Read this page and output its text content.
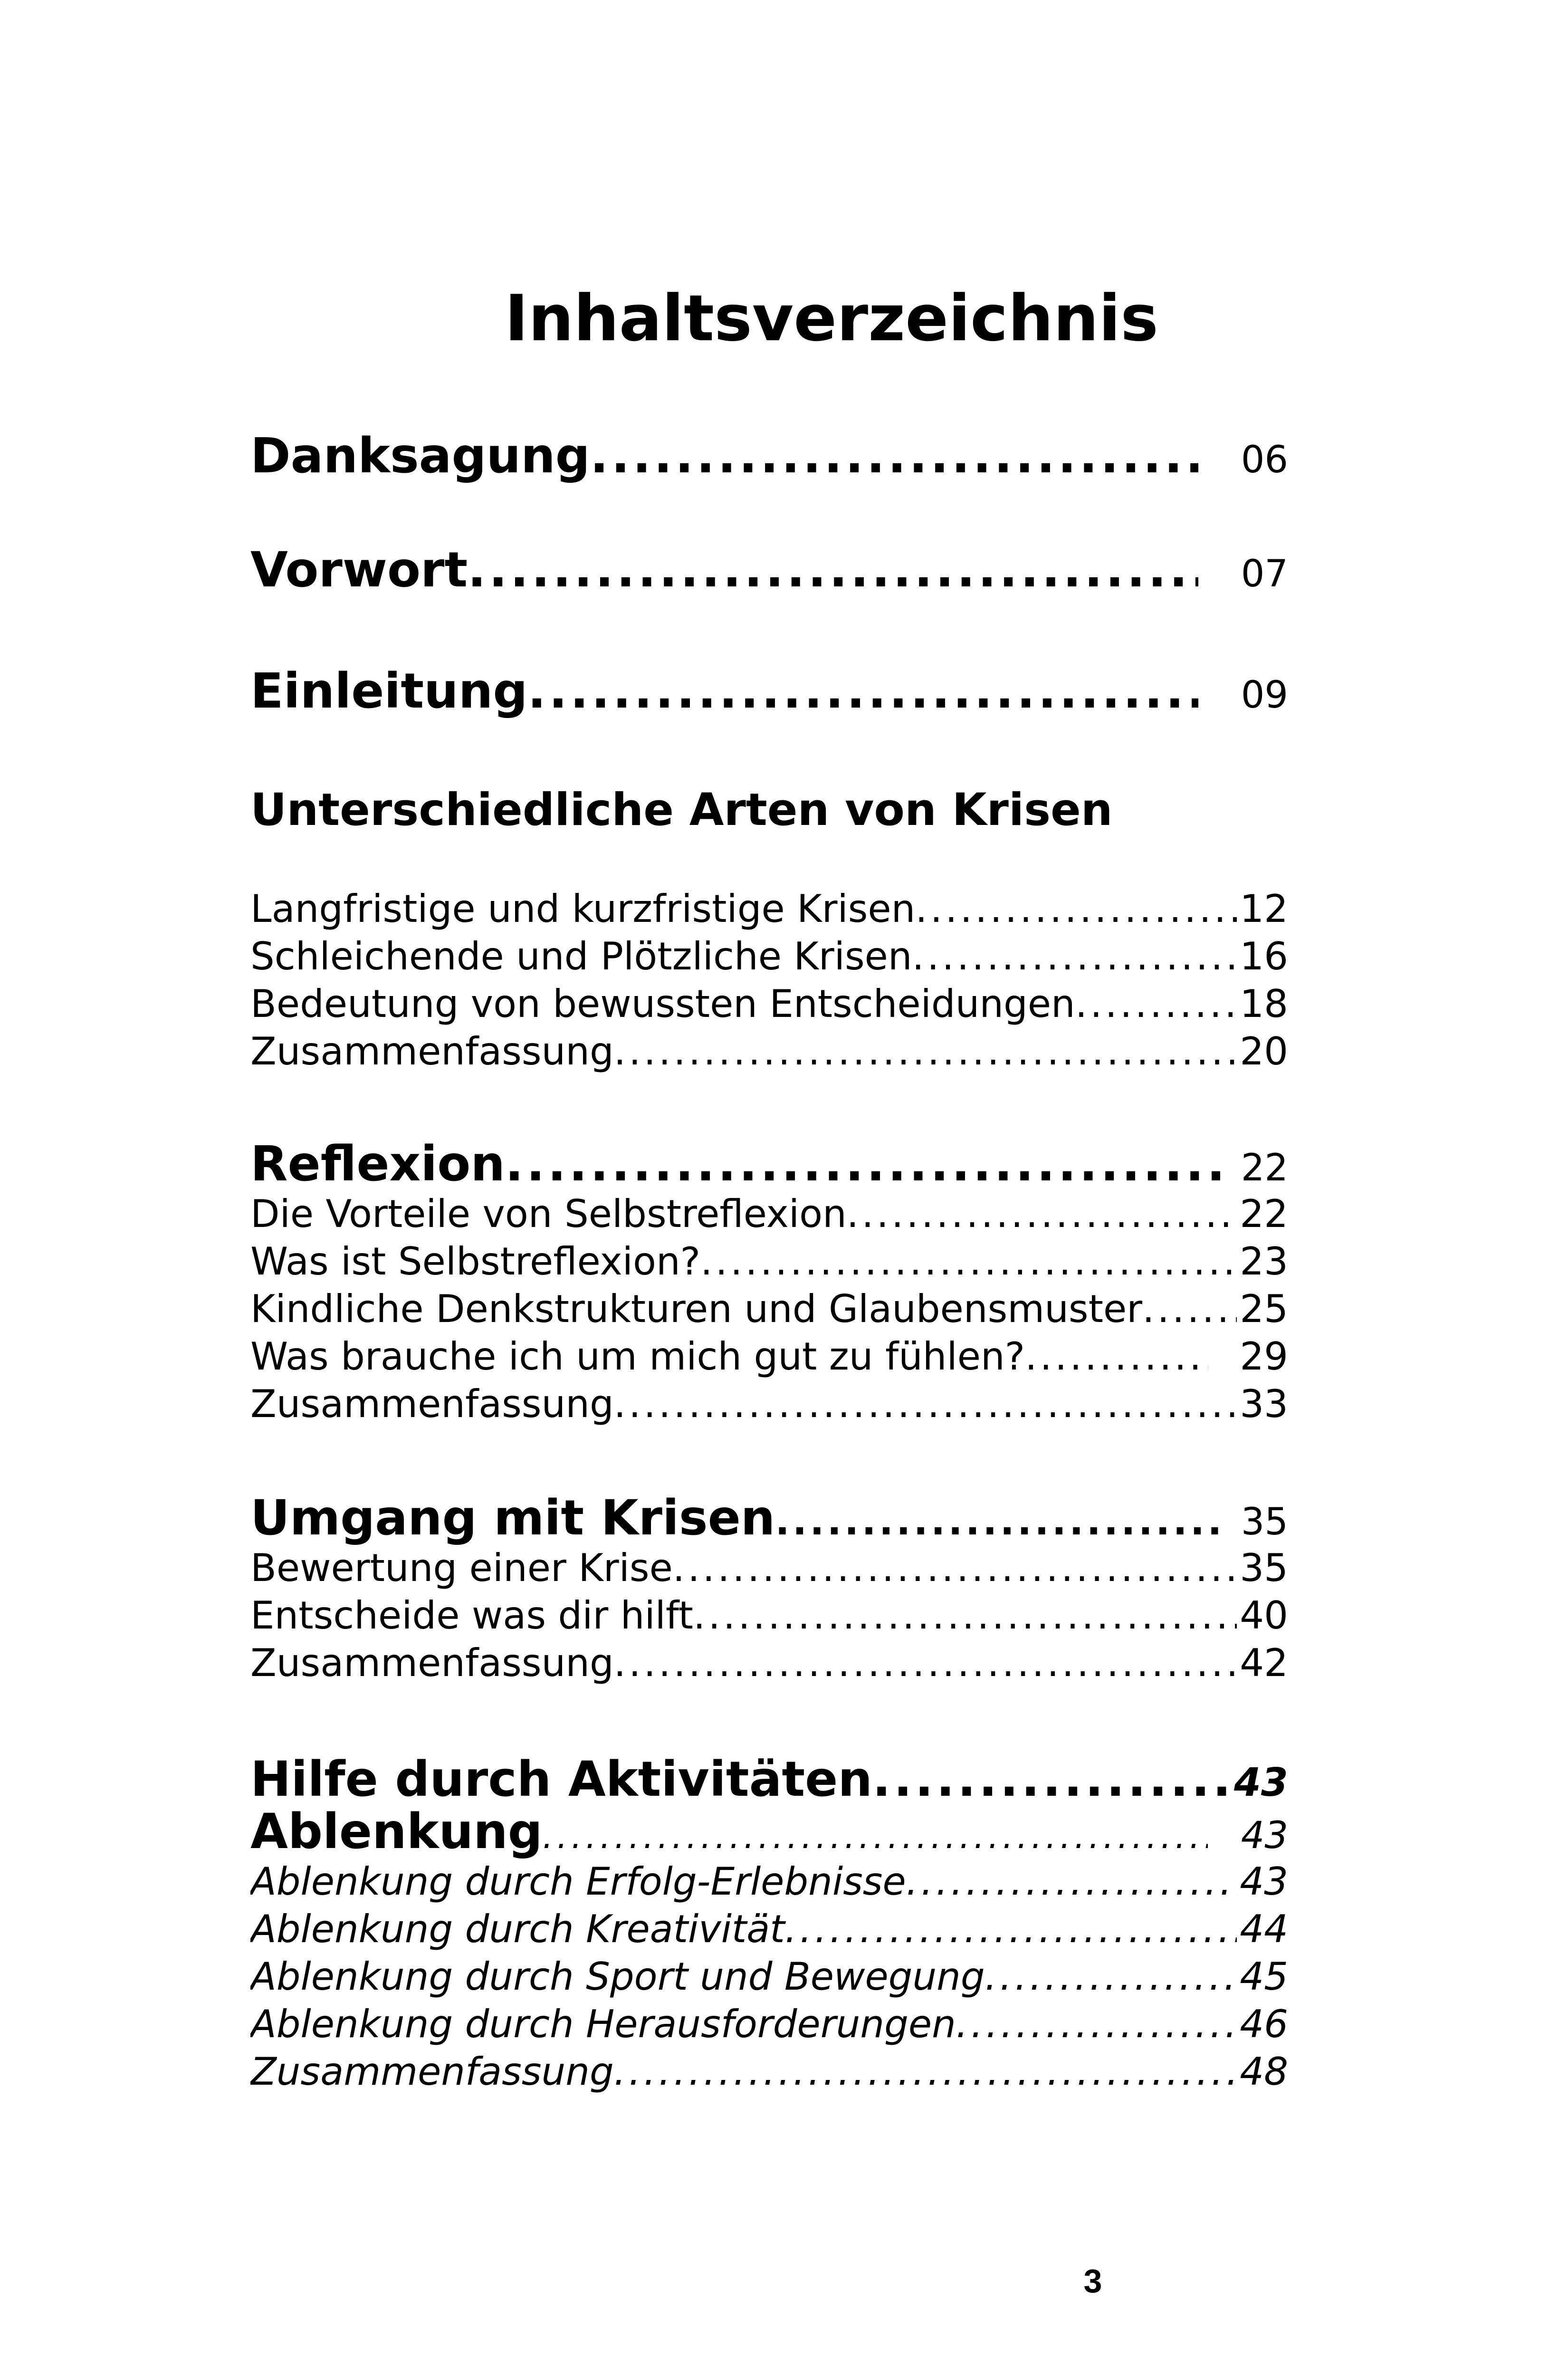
Inhaltsverzeichnis
Danksagung .....	06
Vorwort .....	07
Einleitung .....	09
Unterschiedliche Arten von Krisen
Langfristige und kurzfristige Krisen .....	12
Schleichende und Plötzliche Krisen .....	16
Bedeutung von bewussten Entscheidungen .....	18
Zusammenfassung .....	20
Reflexion .....	22
Die Vorteile von Selbstreflexion .....	22
Was ist Selbstreflexion? .....	23
Kindliche Denkstrukturen und Glaubensmuster .....	25
Was brauche ich um mich gut zu fühlen? .....	29
Zusammenfassung .....	33
Umgang mit Krisen .....	35
Bewertung einer Krise .....	35
Entscheide was dir hilft .....	40
Zusammenfassung .....	42
Hilfe durch Aktivitäten .....	43
Ablenkung .....	43
Ablenkung durch Erfolg-Erlebnisse .....	43
Ablenkung durch Kreativität .....	44
Ablenkung durch Sport und Bewegung .....	45
Ablenkung durch Herausforderungen .....	46
Zusammenfassung .....	48
3
